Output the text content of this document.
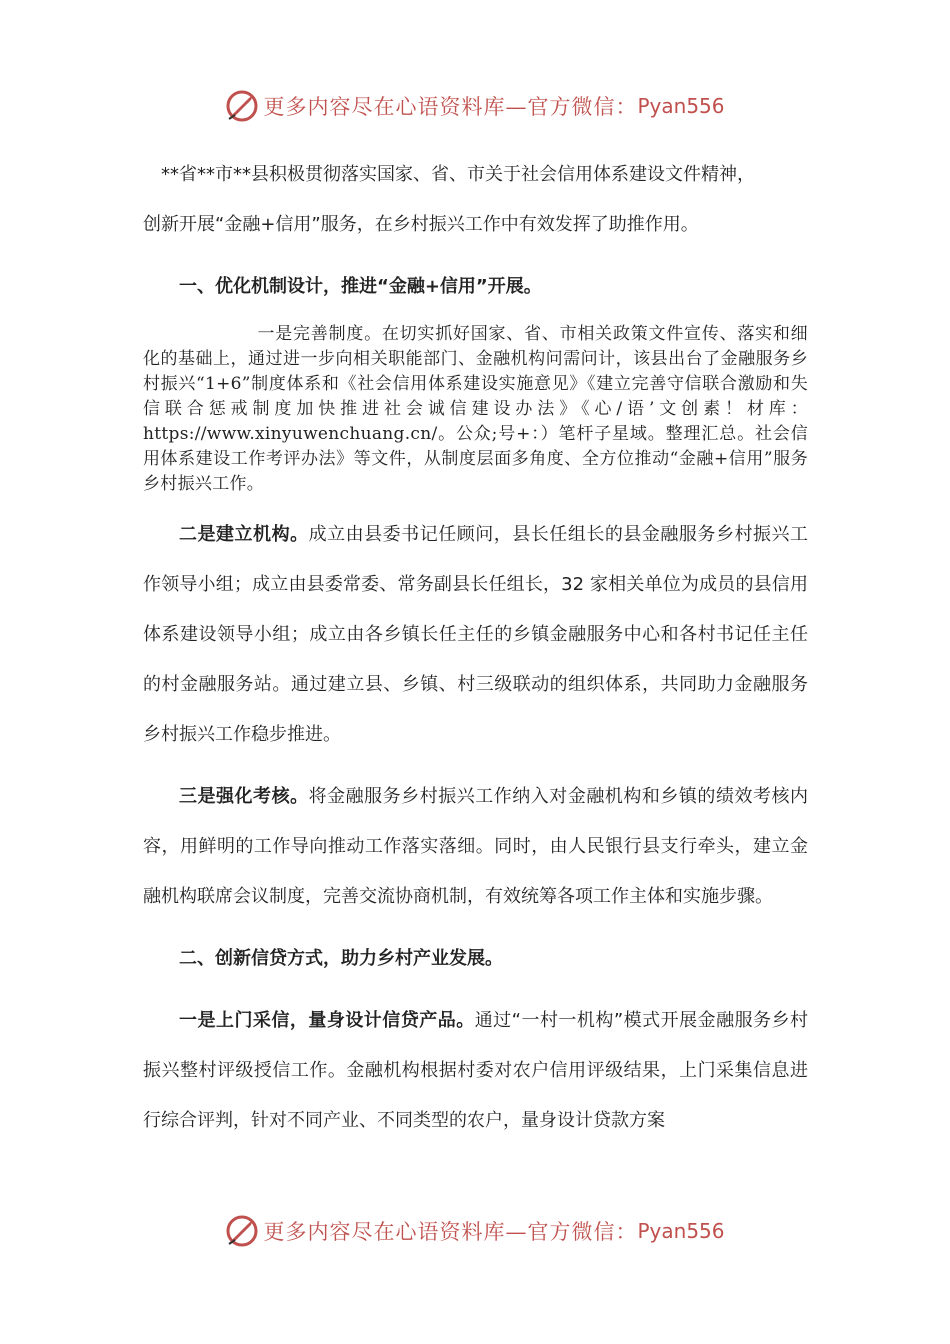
更多内容尽在心语资料库—官方微信： Pyan556

**省**市**县积极贯彻落实国家、省、市关于社会信用体系建设文件精神，
创新开展“金融+信用”服务，在乡村振兴工作中有效发挥了助推作用。

一、优化机制设计，推进“金融+信用”开展。

一是完善制度。在切实抓好国家、省、市相关政策文件宣传、落实和细化的基础上，通过进一步向相关职能部门、金融机构问需问计，该县出台了金融服务乡村振兴“1+6”制度体系和《社会信用体系建设实施意见》《建立完善守信联合激励和失信联合惩戒制度加快推进社会诚信建设办法》《心/语’文创素！材库：https://www.xinyuwenchuang.cn/。公众;号+：）笔杆子星域。整理汇总。社会信用体系建设工作考评办法》等文件，从制度层面多角度、全方位推动“金融+信用”服务乡村振兴工作。

二是建立机构。成立由县委书记任顾问，县长任组长的县金融服务乡村振兴工作领导小组；成立由县委常委、常务副县长任组长，32 家相关单位为成员的县信用体系建设领导小组；成立由各乡镇长任主任的乡镇金融服务中心和各村书记任主任的村金融服务站。通过建立县、乡镇、村三级联动的组织体系，共同助力金融服务乡村振兴工作稳步推进。

三是强化考核。将金融服务乡村振兴工作纳入对金融机构和乡镇的绩效考核内容，用鲜明的工作导向推动工作落实落细。同时，由人民银行县支行牵头，建立金融机构联席会议制度，完善交流协商机制，有效统筹各项工作主体和实施步骤。

二、创新信贷方式，助力乡村产业发展。

一是上门采信，量身设计信贷产品。通过“一村一机构”模式开展金融服务乡村振兴整村评级授信工作。金融机构根据村委对农户信用评级结果，上门采集信息进行综合评判，针对不同产业、不同类型的农户，量身设计贷款方案

更多内容尽在心语资料库—官方微信： Pyan556
